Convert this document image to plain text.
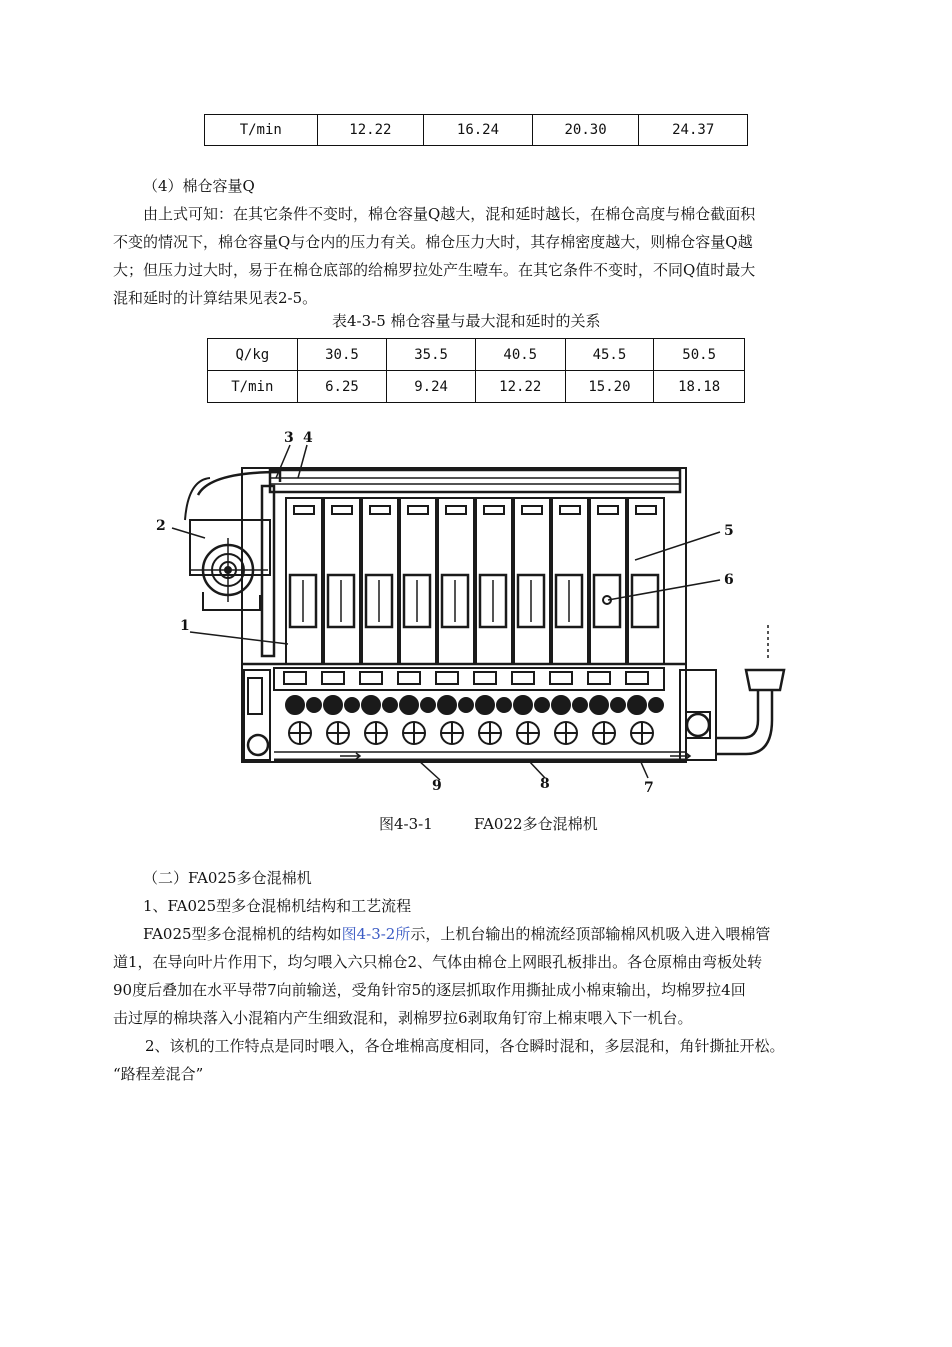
T/min	12.22	16.24	20.30	24.37
（4）棉仓容量Q
由上式可知：在其它条件不变时，棉仓容量Q越大，混和延时越长，在棉仓高度与棉仓截面积
不变的情况下，棉仓容量Q与仓内的压力有关。棉仓压力大时，其存棉密度越大，则棉仓容量Q越
大；但压力过大时，易于在棉仓底部的给棉罗拉处产生噎车。在其它条件不变时，不同Q值时最大
混和延时的计算结果见表2-5。
表4-3-5 棉仓容量与最大混和延时的关系
Q/kg	30.5	35.5	40.5	45.5	50.5
T/min	6.25	9.24	12.22	15.20	18.18
3 4
2	5
6
1
9	8	7
图4-3-1	FA022多仓混棉机
（二）FA025多仓混棉机
1、FA025型多仓混棉机结构和工艺流程
FA025型多仓混棉机的结构如图4-3-2所示，上机台输出的棉流经顶部输棉风机吸入进入喂棉管
道1，在导向叶片作用下，均匀喂入六只棉仓2、气体由棉仓上网眼孔板排出。各仓原棉由弯板处转
90度后叠加在水平导带7向前输送，受角针帘5的逐层抓取作用撕扯成小棉束输出，均棉罗拉4回
击过厚的棉块落入小混箱内产生细致混和，剥棉罗拉6剥取角钉帘上棉束喂入下一机台。
2、该机的工作特点是同时喂入，各仓堆棉高度相同，各仓瞬时混和，多层混和，角针撕扯开松。
“路程差混合”
